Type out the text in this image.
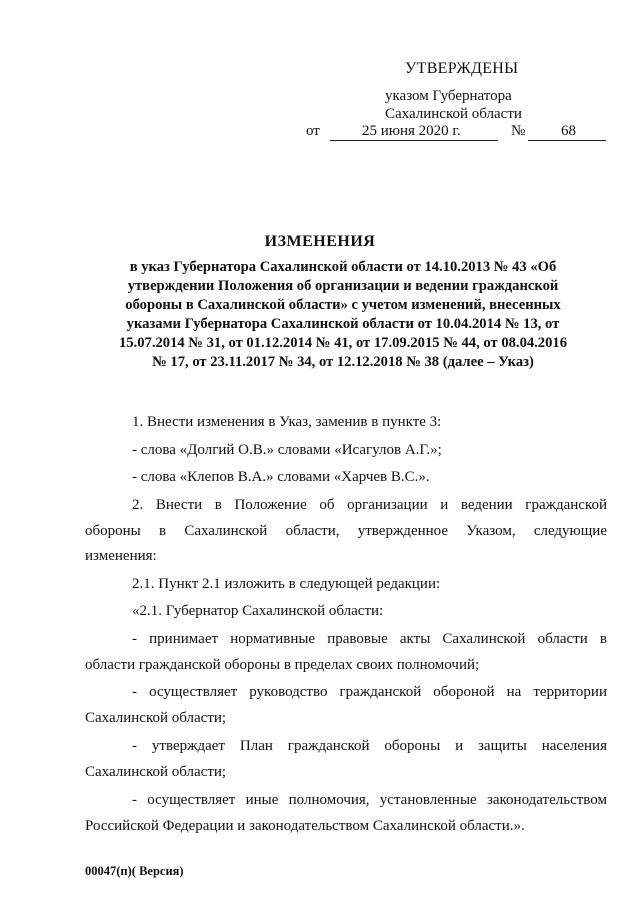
УТВЕРЖДЕНЫ
указом Губернатора
Сахалинской области
от	25 июня 2020 г.	№ 68
ИЗМЕНЕНИЯ
в указ Губернатора Сахалинской области от 14.10.2013 № 43 «Об
утверждении Положения об организации и ведении гражданской
обороны в Сахалинской области» с учетом изменений, внесенных
указами Губернатора Сахалинской области от 10.04.2014 № 13, от
15.07.2014 № 31, от 01.12.2014 № 41, от 17.09.2015 № 44, от 08.04.2016
№ 17, от 23.11.2017 № 34, от 12.12.2018 № 38 (далее – Указ)
1. Внести изменения в Указ, заменив в пункте 3:
- слова «Долгий О.В.» словами «Исагулов А.Г.»;
- слова «Клепов В.А.» словами «Харчев В.С.».
2. Внести в Положение об организации и ведении гражданской
обороны в Сахалинской области, утвержденное Указом, следующие
изменения:
2.1. Пункт 2.1 изложить в следующей редакции:
«2.1. Губернатор Сахалинской области:
- принимает нормативные правовые акты Сахалинской области в
области гражданской обороны в пределах своих полномочий;
- осуществляет руководство гражданской обороной на территории
Сахалинской области;
- утверждает План гражданской обороны и защиты населения
Сахалинской области;
- осуществляет иные полномочия, установленные законодательством
Российской Федерации и законодательством Сахалинской области.».
00047(п)( Версия)
